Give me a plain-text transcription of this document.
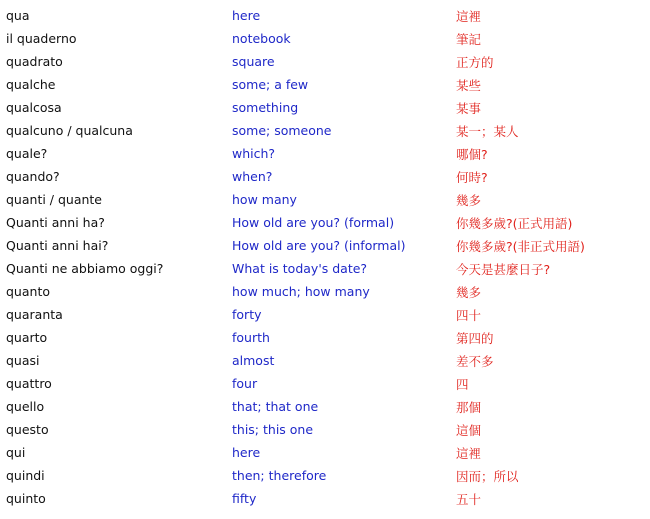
qua	here	這裡
il quaderno	notebook	筆記
quadrato	square	正方的
qualche	some; a few	某些
qualcosa	something	某事
qualcuno / qualcuna	some; someone	某一；某人
quale?	which?	哪個?
quando?	when?	何時?
quanti / quante	how many	幾多
Quanti anni ha?	How old are you? (formal)	你幾多歲?(正式用語)
Quanti anni hai?	How old are you? (informal)	你幾多歲?(非正式用語)
Quanti ne abbiamo oggi?	What is today's date?	今天是甚麼日子?
quanto	how much; how many	幾多
quaranta	forty	四十
quarto	fourth	第四的
quasi	almost	差不多
quattro	four	四
quello	that; that one	那個
questo	this; this one	這個
qui	here	這裡
quindi	then; therefore	因而；所以
quinto	fifty	五十
